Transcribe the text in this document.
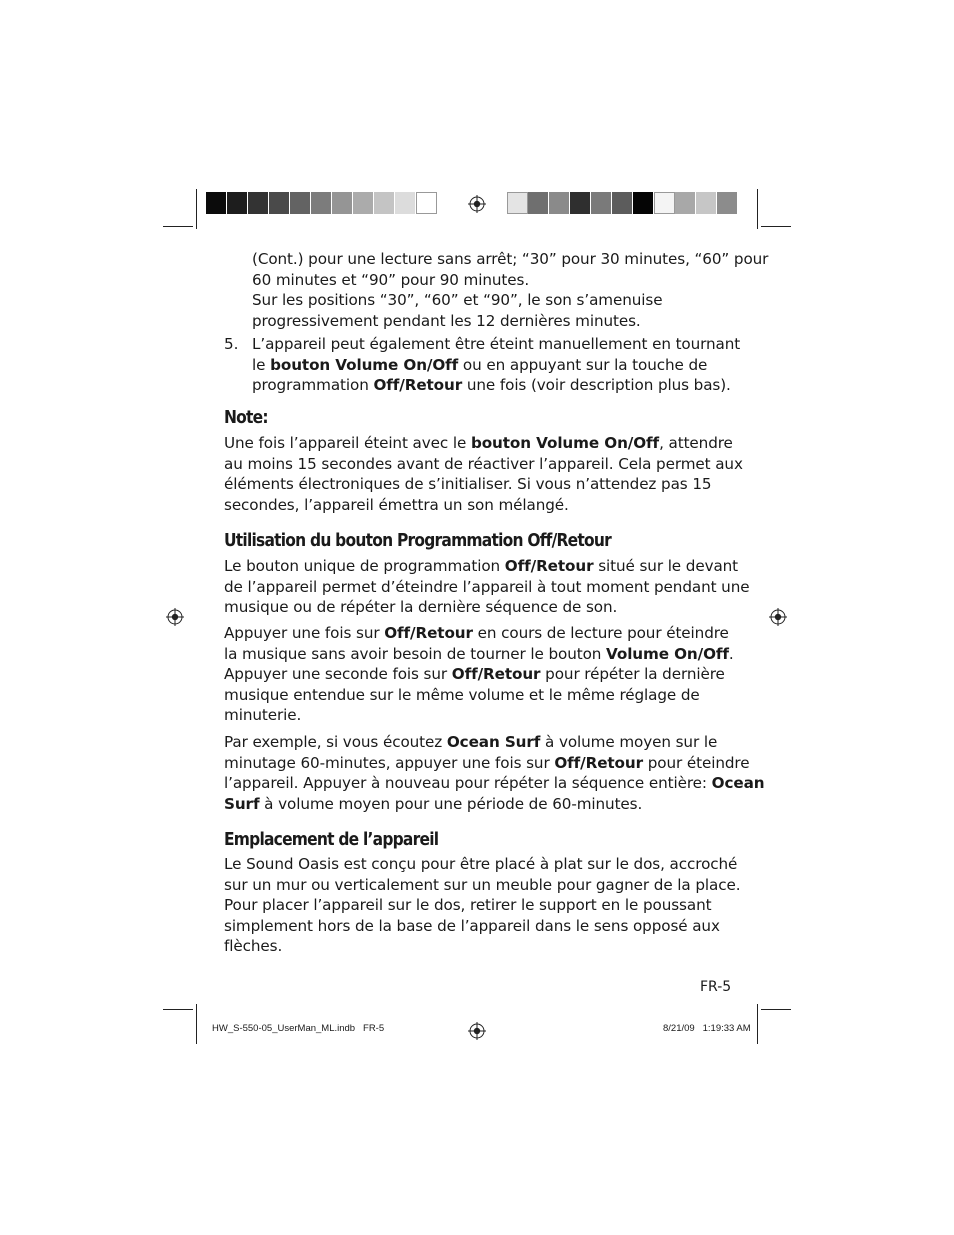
(Cont.) pour une lecture sans arrêt; “30” pour 30 minutes, “60” pour
60 minutes et “90” pour 90 minutes.
Sur les positions “30”, “60” et “90”, le son s’amenuise
progressivement pendant les 12 dernières minutes.
5. L’appareil peut également être éteint manuellement en tournant
le bouton Volume On/Off ou en appuyant sur la touche de
programmation Off/Retour une fois (voir description plus bas).
Note:
Une fois l’appareil éteint avec le bouton Volume On/Off, attendre
au moins 15 secondes avant de réactiver l’appareil. Cela permet aux
éléments électroniques de s’initialiser. Si vous n’attendez pas 15
secondes, l’appareil émettra un son mélangé.
Utilisation du bouton Programmation Off/Retour
Le bouton unique de programmation Off/Retour situé sur le devant
de l’appareil permet d’éteindre l’appareil à tout moment pendant une
musique ou de répéter la dernière séquence de son.
Appuyer une fois sur Off/Retour en cours de lecture pour éteindre
la musique sans avoir besoin de tourner le bouton Volume On/Off.
Appuyer une seconde fois sur Off/Retour pour répéter la dernière
musique entendue sur le même volume et le même réglage de
minuterie.
Par exemple, si vous écoutez Ocean Surf à volume moyen sur le
minutage 60-minutes, appuyer une fois sur Off/Retour pour éteindre
l’appareil. Appuyer à nouveau pour répéter la séquence entière: Ocean
Surf à volume moyen pour une période de 60-minutes.
Emplacement de l’appareil
Le Sound Oasis est conçu pour être placé à plat sur le dos, accroché
sur un mur ou verticalement sur un meuble pour gagner de la place.
Pour placer l’appareil sur le dos, retirer le support en le poussant
simplement hors de la base de l’appareil dans le sens opposé aux
flèches.
FR-5
HW_S-550-05_UserMan_ML.indb   FR-5	8/21/09   1:19:33 AM
